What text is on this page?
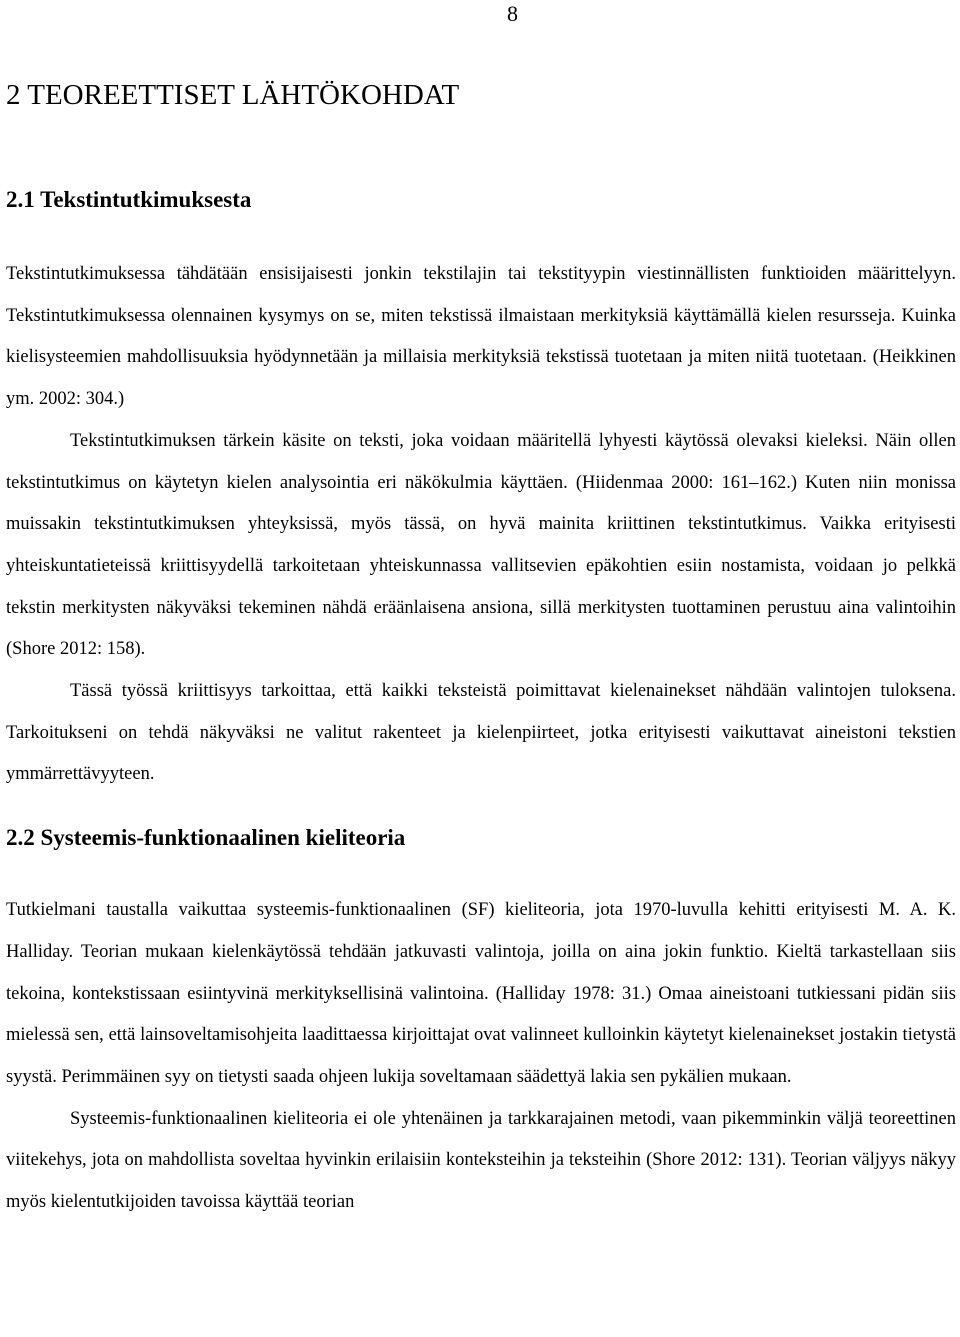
8

2 TEOREETTISET LÄHTÖKOHDAT
2.1 Tekstintutkimuksesta

Tekstintutkimuksessa tähdätään ensisijaisesti jonkin tekstilajin tai tekstityypin viestinnällisten funktioiden määrittelyyn. Tekstintutkimuksessa olennainen kysymys on se, miten tekstissä ilmaistaan merkityksiä käyttämällä kielen resursseja. Kuinka kielisysteemien mahdollisuuksia hyödynnetään ja millaisia merkityksiä tekstissä tuotetaan ja miten niitä tuotetaan. (Heikkinen ym. 2002: 304.)

Tekstintutkimuksen tärkein käsite on teksti, joka voidaan määritellä lyhyesti käytössä olevaksi kieleksi. Näin ollen tekstintutkimus on käytetyn kielen analysointia eri näkökulmia käyttäen. (Hiidenmaa 2000: 161–162.) Kuten niin monissa muissakin tekstintutkimuksen yhteyksissä, myös tässä, on hyvä mainita kriittinen tekstintutkimus. Vaikka erityisesti yhteiskuntatieteissä kriittisyydellä tarkoitetaan yhteiskunnassa vallitsevien epäkohtien esiin nostamista, voidaan jo pelkkä tekstin merkitysten näkyväksi tekeminen nähdä eräänlaisena ansiona, sillä merkitysten tuottaminen perustuu aina valintoihin (Shore 2012: 158).

Tässä työssä kriittisyys tarkoittaa, että kaikki teksteistä poimittavat kielenainekset nähdään valintojen tuloksena. Tarkoitukseni on tehdä näkyväksi ne valitut rakenteet ja kielenpiirteet, jotka erityisesti vaikuttavat aineistoni tekstien ymmärrettävyyteen.

2.2 Systeemis-funktionaalinen kieliteoria

Tutkielmani taustalla vaikuttaa systeemis-funktionaalinen (SF) kieliteoria, jota 1970-luvulla kehitti erityisesti M. A. K. Halliday. Teorian mukaan kielenkäytössä tehdään jatkuvasti valintoja, joilla on aina jokin funktio. Kieltä tarkastellaan siis tekoina, kontekstissaan esiintyvinä merkityksellisinä valintoina. (Halliday 1978: 31.) Omaa aineistoani tutkiessani pidän siis mielessä sen, että lainsoveltamisohjeita laadittaessa kirjoittajat ovat valinneet kulloinkin käytetyt kielenainekset jostakin tietystä syystä. Perimmäinen syy on tietysti saada ohjeen lukija soveltamaan säädettyä lakia sen pykälien mukaan.

Systeemis-funktionaalinen kieliteoria ei ole yhtenäinen ja tarkkarajainen metodi, vaan pikemminkin väljä teoreettinen viitekehys, jota on mahdollista soveltaa hyvinkin erilaisiin konteksteihin ja teksteihin (Shore 2012: 131). Teorian väljyys näkyy myös kielentutkijoiden tavoissa käyttää teorian
